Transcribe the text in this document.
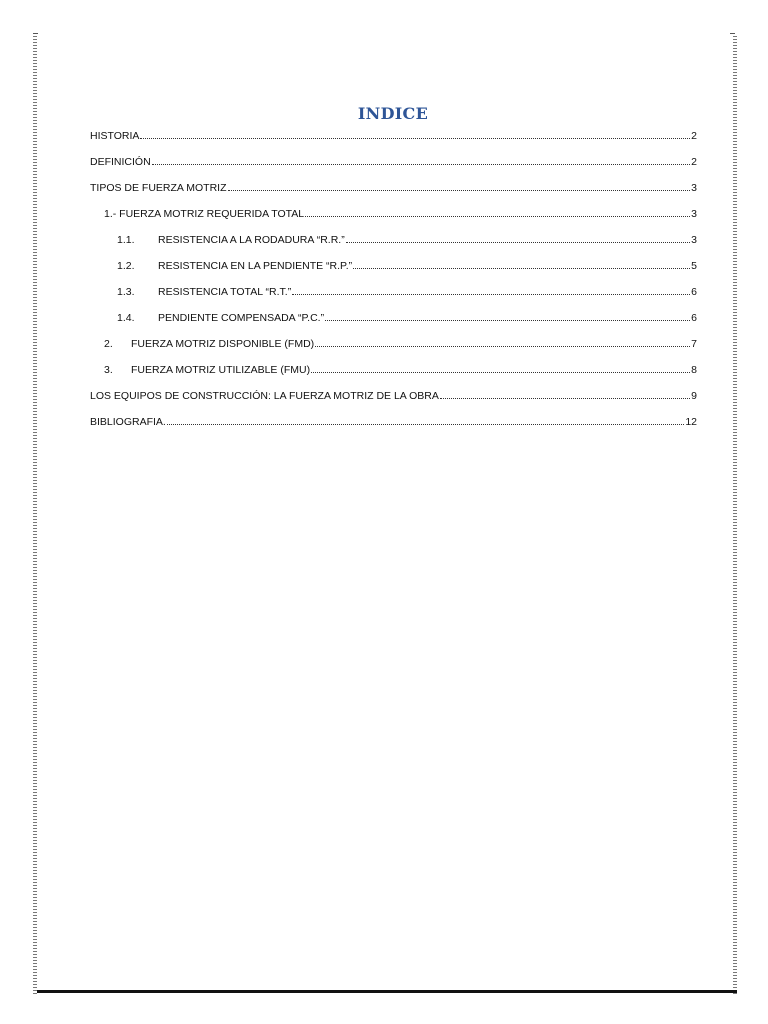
INDICE
HISTORIA	2
DEFINICIÓN	2
TIPOS DE FUERZA MOTRIZ	3
1.- FUERZA MOTRIZ REQUERIDA TOTAL	3
1.1.	RESISTENCIA A LA RODADURA “R.R.”	3
1.2.	RESISTENCIA EN LA PENDIENTE “R.P.”	5
1.3.	RESISTENCIA TOTAL “R.T.”	6
1.4.	PENDIENTE COMPENSADA “P.C.”	6
2.	FUERZA MOTRIZ DISPONIBLE (FMD)	7
3.	FUERZA MOTRIZ UTILIZABLE (FMU)	8
LOS EQUIPOS DE CONSTRUCCIÓN: LA FUERZA MOTRIZ DE LA OBRA	9
BIBLIOGRAFIA.	12
